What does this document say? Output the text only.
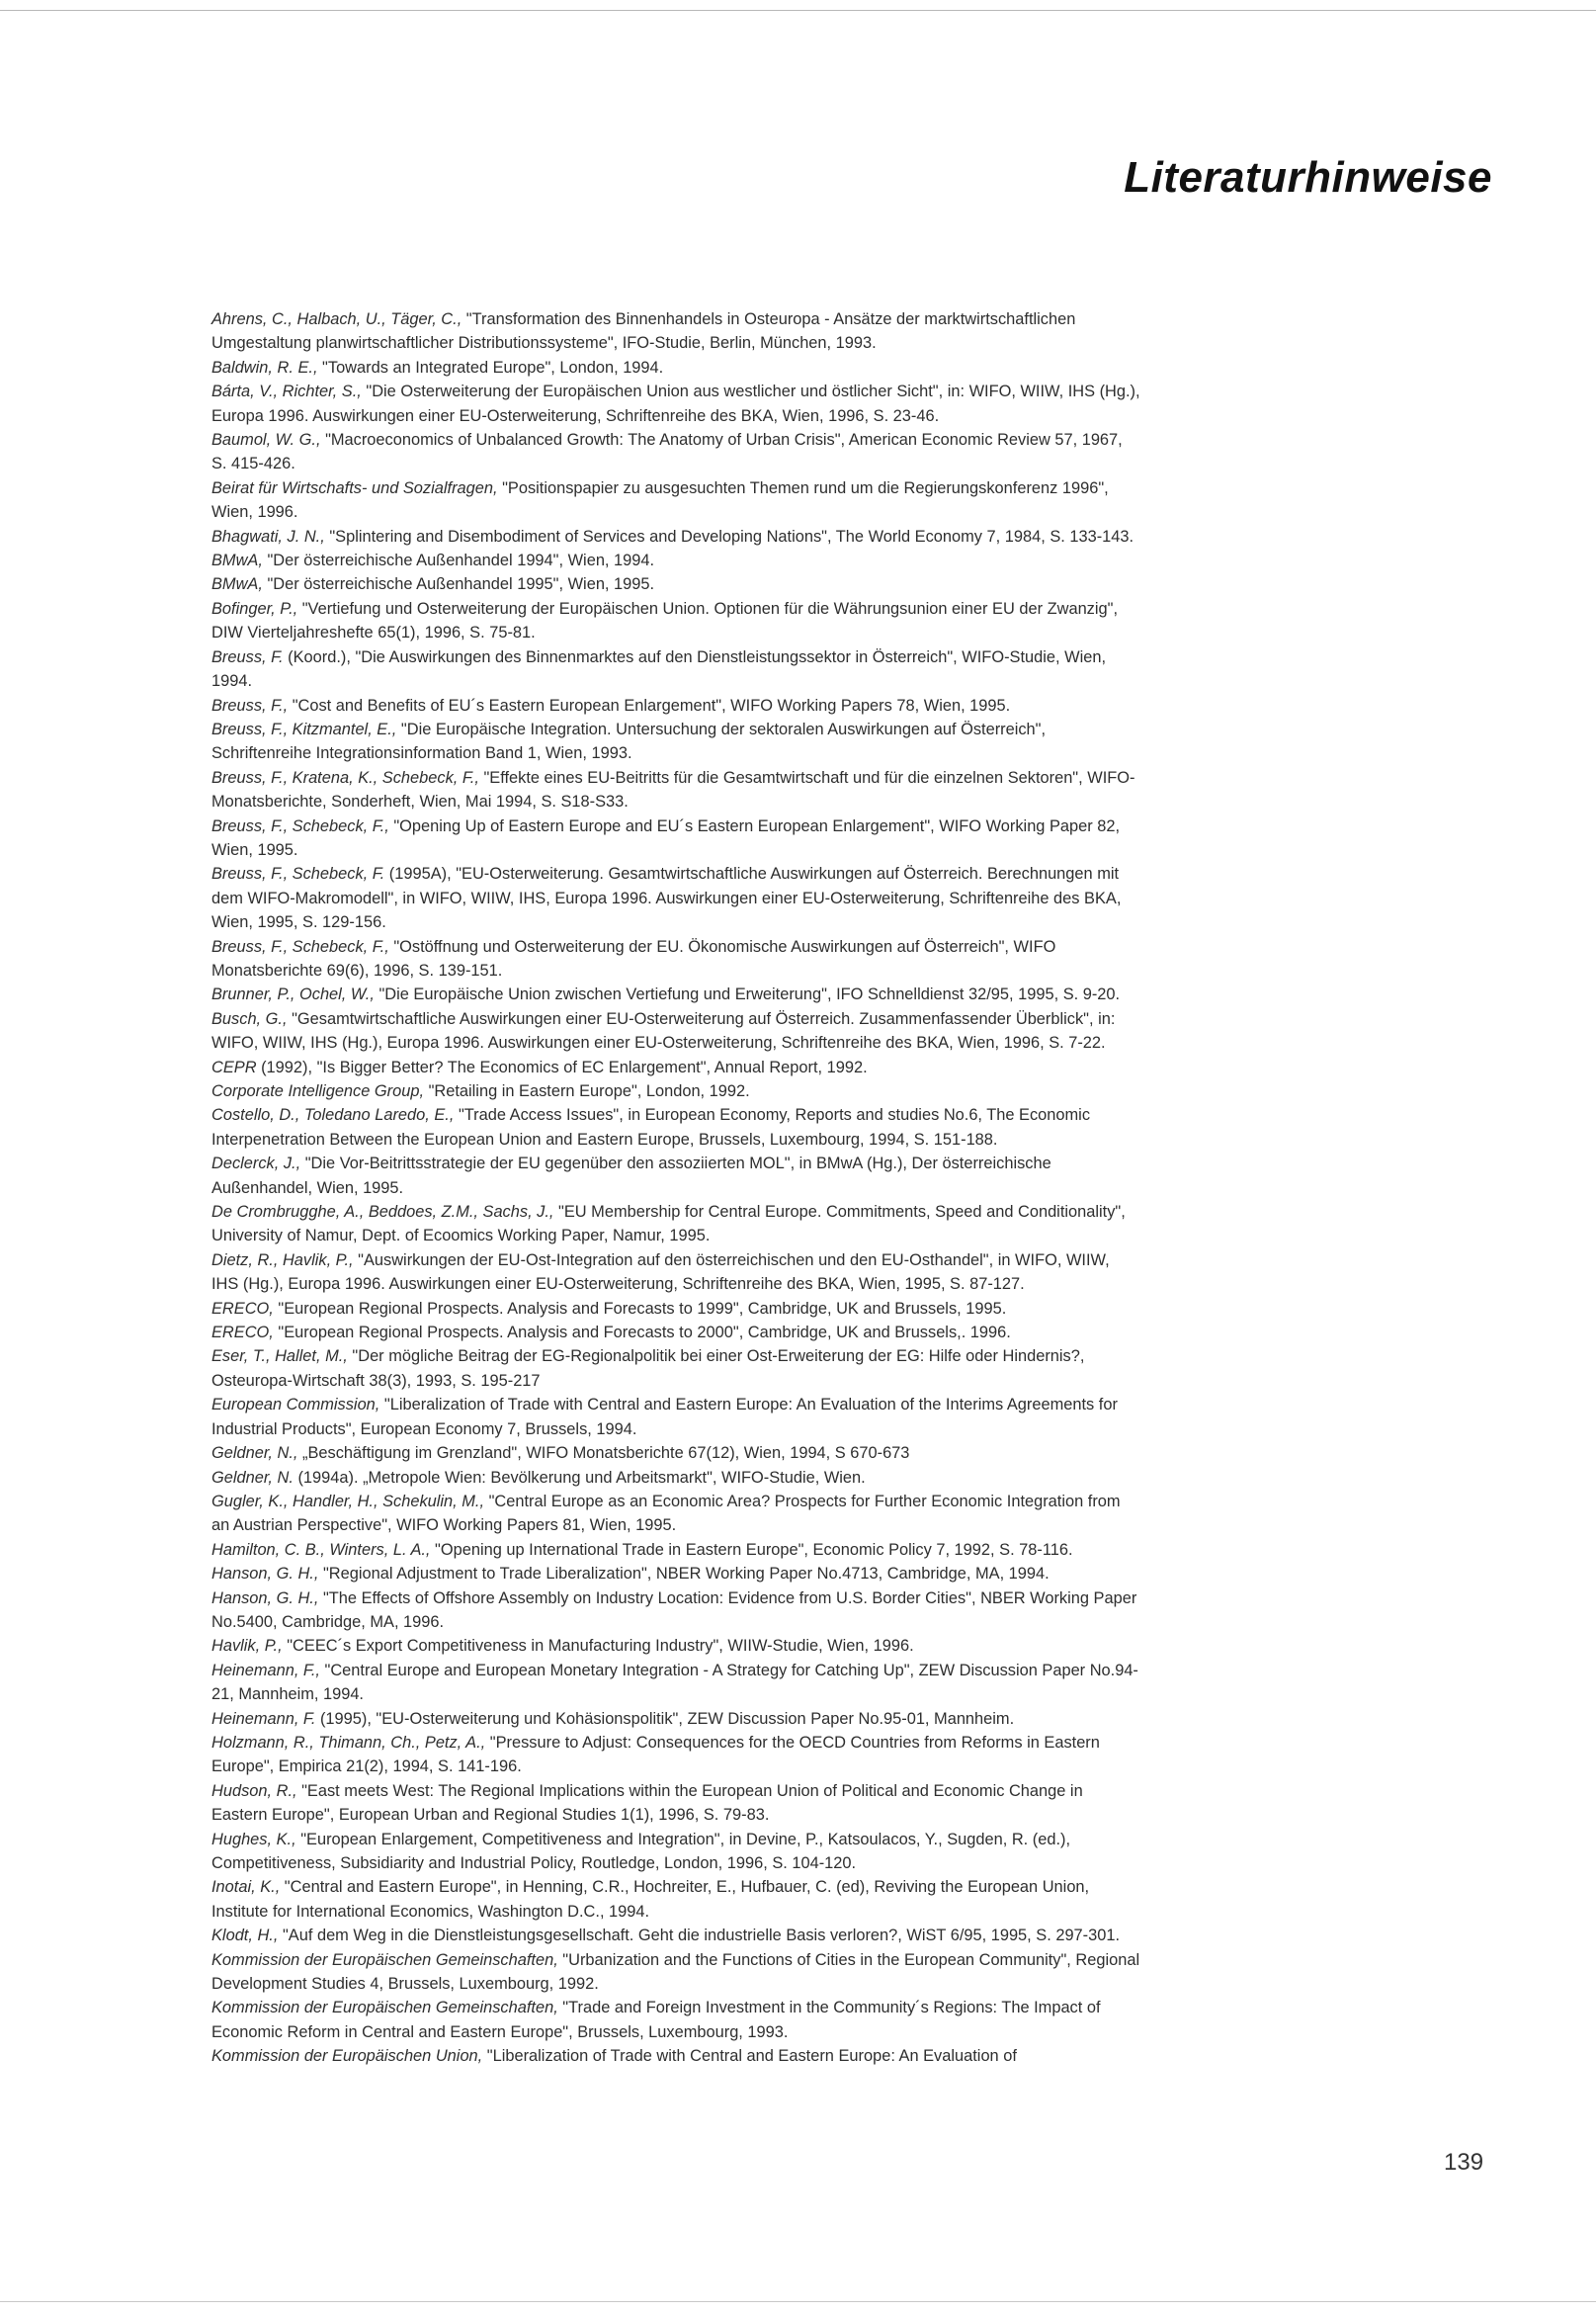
Literaturhinweise

Ahrens, C., Halbach, U., Täger, C., "Transformation des Binnenhandels in Osteuropa - Ansätze der marktwirtschaftlichen Umgestaltung planwirtschaftlicher Distributionssysteme", IFO-Studie, Berlin, München, 1993.

Baldwin, R. E., "Towards an Integrated Europe", London, 1994.

Bárta, V., Richter, S., "Die Osterweiterung der Europäischen Union aus westlicher und östlicher Sicht", in: WIFO, WIIW, IHS (Hg.), Europa 1996. Auswirkungen einer EU-Osterweiterung, Schriftenreihe des BKA, Wien, 1996, S. 23-46.

Baumol, W. G., "Macroeconomics of Unbalanced Growth: The Anatomy of Urban Crisis", American Economic Review 57, 1967, S. 415-426.

Beirat für Wirtschafts- und Sozialfragen, "Positionspapier zu ausgesuchten Themen rund um die Regierungskonferenz 1996", Wien, 1996.

Bhagwati, J. N., "Splintering and Disembodiment of Services and Developing Nations", The World Economy 7, 1984, S. 133-143.

BMwA, "Der österreichische Außenhandel 1994", Wien, 1994.

BMwA, "Der österreichische Außenhandel 1995", Wien, 1995.

Bofinger, P., "Vertiefung und Osterweiterung der Europäischen Union. Optionen für die Währungsunion einer EU der Zwanzig", DIW Vierteljahreshefte 65(1), 1996, S. 75-81.

Breuss, F. (Koord.), "Die Auswirkungen des Binnenmarktes auf den Dienstleistungssektor in Österreich", WIFO-Studie, Wien, 1994.

Breuss, F., "Cost and Benefits of EU´s Eastern European Enlargement", WIFO Working Papers 78, Wien, 1995.

Breuss, F., Kitzmantel, E., "Die Europäische Integration. Untersuchung der sektoralen Auswirkungen auf Österreich", Schriftenreihe Integrationsinformation Band 1, Wien, 1993.

Breuss, F., Kratena, K., Schebeck, F., "Effekte eines EU-Beitritts für die Gesamtwirtschaft und für die einzelnen Sektoren", WIFO-Monatsberichte, Sonderheft, Wien, Mai 1994, S. S18-S33.

Breuss, F., Schebeck, F., "Opening Up of Eastern Europe and EU´s Eastern European Enlargement", WIFO Working Paper 82, Wien, 1995.

Breuss, F., Schebeck, F. (1995A), "EU-Osterweiterung. Gesamtwirtschaftliche Auswirkungen auf Österreich. Berechnungen mit dem WIFO-Makromodell", in WIFO, WIIW, IHS, Europa 1996. Auswirkungen einer EU-Osterweiterung, Schriftenreihe des BKA, Wien, 1995, S. 129-156.

Breuss, F., Schebeck, F., "Ostöffnung und Osterweiterung der EU. Ökonomische Auswirkungen auf Österreich", WIFO Monatsberichte 69(6), 1996, S. 139-151.

Brunner, P., Ochel, W., "Die Europäische Union zwischen Vertiefung und Erweiterung", IFO Schnelldienst 32/95, 1995, S. 9-20.

Busch, G., "Gesamtwirtschaftliche Auswirkungen einer EU-Osterweiterung auf Österreich. Zusammenfassender Überblick", in: WIFO, WIIW, IHS (Hg.), Europa 1996. Auswirkungen einer EU-Osterweiterung, Schriftenreihe des BKA, Wien, 1996, S. 7-22.

CEPR (1992), "Is Bigger Better? The Economics of EC Enlargement", Annual Report, 1992.

Corporate Intelligence Group, "Retailing in Eastern Europe", London, 1992.

Costello, D., Toledano Laredo, E., "Trade Access Issues", in European Economy, Reports and studies No.6, The Economic Interpenetration Between the European Union and Eastern Europe, Brussels, Luxembourg, 1994, S. 151-188.

Declerck, J., "Die Vor-Beitrittsstrategie der EU gegenüber den assoziierten MOL", in BMwA (Hg.), Der österreichische Außenhandel, Wien, 1995.

De Crombrugghe, A., Beddoes, Z.M., Sachs, J., "EU Membership for Central Europe. Commitments, Speed and Conditionality", University of Namur, Dept. of Ecoomics Working Paper, Namur, 1995.

Dietz, R., Havlik, P., "Auswirkungen der EU-Ost-Integration auf den österreichischen und den EU-Osthandel", in WIFO, WIIW, IHS (Hg.), Europa 1996. Auswirkungen einer EU-Osterweiterung, Schriftenreihe des BKA, Wien, 1995, S. 87-127.

ERECO, "European Regional Prospects. Analysis and Forecasts to 1999", Cambridge, UK and Brussels, 1995.

ERECO, "European Regional Prospects. Analysis and Forecasts to 2000", Cambridge, UK and Brussels,. 1996.

Eser, T., Hallet, M., "Der mögliche Beitrag der EG-Regionalpolitik bei einer Ost-Erweiterung der EG: Hilfe oder Hindernis?, Osteuropa-Wirtschaft 38(3), 1993, S. 195-217

European Commission, "Liberalization of Trade with Central and Eastern Europe: An Evaluation of the Interims Agreements for Industrial Products", European Economy 7, Brussels, 1994.

Geldner, N., „Beschäftigung im Grenzland", WIFO Monatsberichte 67(12), Wien, 1994, S 670-673

Geldner, N. (1994a). „Metropole Wien: Bevölkerung und Arbeitsmarkt", WIFO-Studie, Wien.

Gugler, K., Handler, H., Schekulin, M., "Central Europe as an Economic Area? Prospects for Further Economic Integration from an Austrian Perspective", WIFO Working Papers 81, Wien, 1995.

Hamilton, C. B., Winters, L. A., "Opening up International Trade in Eastern Europe", Economic Policy 7, 1992, S. 78-116.

Hanson, G. H., "Regional Adjustment to Trade Liberalization", NBER Working Paper No.4713, Cambridge, MA, 1994.

Hanson, G. H., "The Effects of Offshore Assembly on Industry Location: Evidence from U.S. Border Cities", NBER Working Paper No.5400, Cambridge, MA, 1996.

Havlik, P., "CEEC´s Export Competitiveness in Manufacturing Industry", WIIW-Studie, Wien, 1996.

Heinemann, F., "Central Europe and European Monetary Integration - A Strategy for Catching Up", ZEW Discussion Paper No.94-21, Mannheim, 1994.

Heinemann, F. (1995), "EU-Osterweiterung und Kohäsionspolitik", ZEW Discussion Paper No.95-01, Mannheim.

Holzmann, R., Thimann, Ch., Petz, A., "Pressure to Adjust: Consequences for the OECD Countries from Reforms in Eastern Europe", Empirica 21(2), 1994, S. 141-196.

Hudson, R., "East meets West: The Regional Implications within the European Union of Political and Economic Change in Eastern Europe", European Urban and Regional Studies 1(1), 1996, S. 79-83.

Hughes, K., "European Enlargement, Competitiveness and Integration", in Devine, P., Katsoulacos, Y., Sugden, R. (ed.), Competitiveness, Subsidiarity and Industrial Policy, Routledge, London, 1996, S. 104-120.

Inotai, K., "Central and Eastern Europe", in Henning, C.R., Hochreiter, E., Hufbauer, C. (ed), Reviving the European Union, Institute for International Economics, Washington D.C., 1994.

Klodt, H., "Auf dem Weg in die Dienstleistungsgesellschaft. Geht die industrielle Basis verloren?, WiST 6/95, 1995, S. 297-301.

Kommission der Europäischen Gemeinschaften, "Urbanization and the Functions of Cities in the European Community", Regional Development Studies 4, Brussels, Luxembourg, 1992.

Kommission der Europäischen Gemeinschaften, "Trade and Foreign Investment in the Community´s Regions: The Impact of Economic Reform in Central and Eastern Europe", Brussels, Luxembourg, 1993.

Kommission der Europäischen Union, "Liberalization of Trade with Central and Eastern Europe: An Evaluation of

139
